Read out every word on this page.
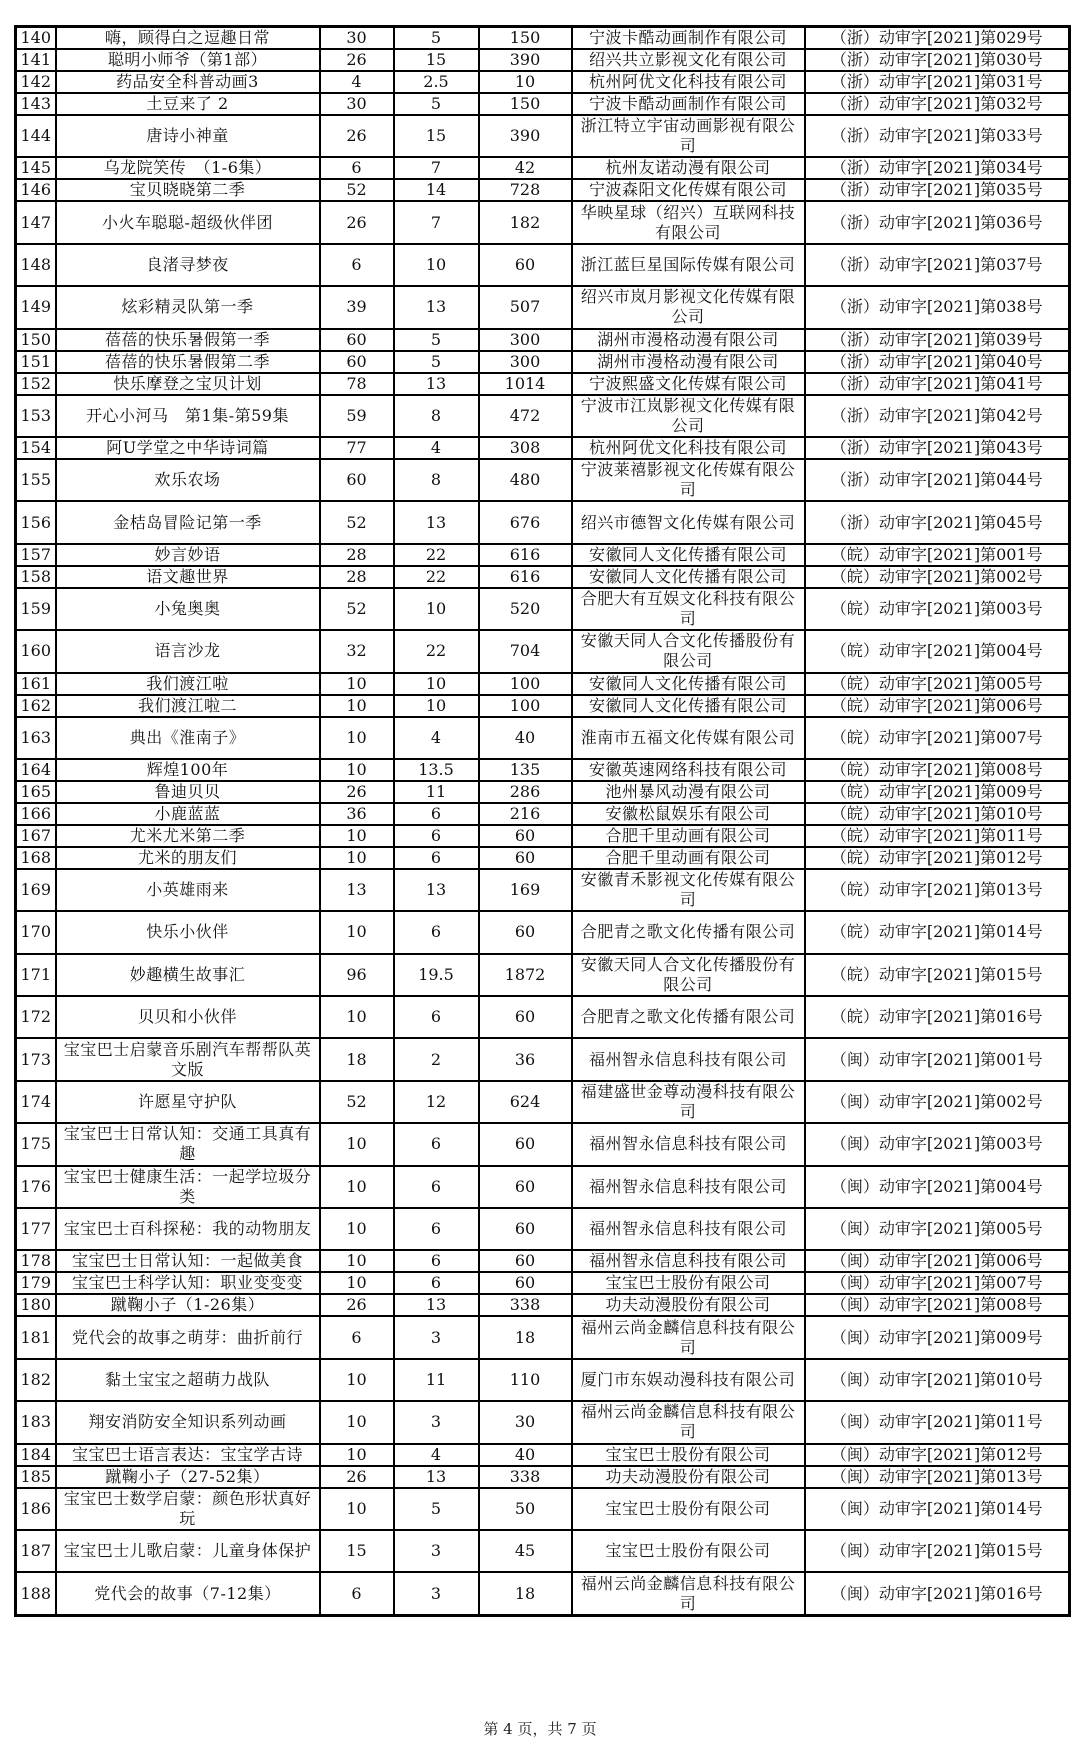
140	嗨，顾得白之逗趣日常	30	5	150	宁波卡酷动画制作有限公司	（浙）动审字[2021]第029号
141	聪明小师爷（第1部）	26	15	390	绍兴共立影视文化有限公司	（浙）动审字[2021]第030号
142	药品安全科普动画3	4	2.5	10	杭州阿优文化科技有限公司	（浙）动审字[2021]第031号
143	土豆来了 2	30	5	150	宁波卡酷动画制作有限公司	（浙）动审字[2021]第032号
144	唐诗小神童	26	15	390	浙江特立宇宙动画影视有限公司	（浙）动审字[2021]第033号
145	乌龙院笑传　（1-6集）	6	7	42	杭州友诺动漫有限公司	（浙）动审字[2021]第034号
146	宝贝晓晓第二季	52	14	728	宁波森阳文化传媒有限公司	（浙）动审字[2021]第035号
147	小火车聪聪-超级伙伴团	26	7	182	华映星球（绍兴）互联网科技有限公司	（浙）动审字[2021]第036号
148	良渚寻梦夜	6	10	60	浙江蓝巨星国际传媒有限公司	（浙）动审字[2021]第037号
149	炫彩精灵队第一季	39	13	507	绍兴市岚月影视文化传媒有限公司	（浙）动审字[2021]第038号
150	蓓蓓的快乐暑假第一季	60	5	300	湖州市漫格动漫有限公司	（浙）动审字[2021]第039号
151	蓓蓓的快乐暑假第二季	60	5	300	湖州市漫格动漫有限公司	（浙）动审字[2021]第040号
152	快乐摩登之宝贝计划	78	13	1014	宁波熙盛文化传媒有限公司	（浙）动审字[2021]第041号
153	开心小河马　第1集-第59集	59	8	472	宁波市江岚影视文化传媒有限公司	（浙）动审字[2021]第042号
154	阿U学堂之中华诗词篇	77	4	308	杭州阿优文化科技有限公司	（浙）动审字[2021]第043号
155	欢乐农场	60	8	480	宁波莱禧影视文化传媒有限公司	（浙）动审字[2021]第044号
156	金桔岛冒险记第一季	52	13	676	绍兴市德智文化传媒有限公司	（浙）动审字[2021]第045号
157	妙言妙语	28	22	616	安徽同人文化传播有限公司	（皖）动审字[2021]第001号
158	语文趣世界	28	22	616	安徽同人文化传播有限公司	（皖）动审字[2021]第002号
159	小兔奥奥	52	10	520	合肥大有互娱文化科技有限公司	（皖）动审字[2021]第003号
160	语言沙龙	32	22	704	安徽天同人合文化传播股份有限公司	（皖）动审字[2021]第004号
161	我们渡江啦	10	10	100	安徽同人文化传播有限公司	（皖）动审字[2021]第005号
162	我们渡江啦二	10	10	100	安徽同人文化传播有限公司	（皖）动审字[2021]第006号
163	典出《淮南子》	10	4	40	淮南市五福文化传媒有限公司	（皖）动审字[2021]第007号
164	辉煌100年	10	13.5	135	安徽英速网络科技有限公司	（皖）动审字[2021]第008号
165	鲁迪贝贝	26	11	286	池州暴风动漫有限公司	（皖）动审字[2021]第009号
166	小鹿蓝蓝	36	6	216	安徽松鼠娱乐有限公司	（皖）动审字[2021]第010号
167	尤米尤米第二季	10	6	60	合肥千里动画有限公司	（皖）动审字[2021]第011号
168	尤米的朋友们	10	6	60	合肥千里动画有限公司	（皖）动审字[2021]第012号
169	小英雄雨来	13	13	169	安徽青禾影视文化传媒有限公司	（皖）动审字[2021]第013号
170	快乐小伙伴	10	6	60	合肥青之歌文化传播有限公司	（皖）动审字[2021]第014号
171	妙趣横生故事汇	96	19.5	1872	安徽天同人合文化传播股份有限公司	（皖）动审字[2021]第015号
172	贝贝和小伙伴	10	6	60	合肥青之歌文化传播有限公司	（皖）动审字[2021]第016号
173	宝宝巴士启蒙音乐剧汽车帮帮队英文版	18	2	36	福州智永信息科技有限公司	（闽）动审字[2021]第001号
174	许愿星守护队	52	12	624	福建盛世金尊动漫科技有限公司	（闽）动审字[2021]第002号
175	宝宝巴士日常认知：交通工具真有趣	10	6	60	福州智永信息科技有限公司	（闽）动审字[2021]第003号
176	宝宝巴士健康生活：一起学垃圾分类	10	6	60	福州智永信息科技有限公司	（闽）动审字[2021]第004号
177	宝宝巴士百科探秘：我的动物朋友	10	6	60	福州智永信息科技有限公司	（闽）动审字[2021]第005号
178	宝宝巴士日常认知：一起做美食	10	6	60	福州智永信息科技有限公司	（闽）动审字[2021]第006号
179	宝宝巴士科学认知：职业变变变	10	6	60	宝宝巴士股份有限公司	（闽）动审字[2021]第007号
180	蹴鞠小子（1-26集）	26	13	338	功夫动漫股份有限公司	（闽）动审字[2021]第008号
181	党代会的故事之萌芽：曲折前行	6	3	18	福州云尚金麟信息科技有限公司	（闽）动审字[2021]第009号
182	黏土宝宝之超萌力战队	10	11	110	厦门市东娱动漫科技有限公司	（闽）动审字[2021]第010号
183	翔安消防安全知识系列动画	10	3	30	福州云尚金麟信息科技有限公司	（闽）动审字[2021]第011号
184	宝宝巴士语言表达：宝宝学古诗	10	4	40	宝宝巴士股份有限公司	（闽）动审字[2021]第012号
185	蹴鞠小子（27-52集）	26	13	338	功夫动漫股份有限公司	（闽）动审字[2021]第013号
186	宝宝巴士数学启蒙：颜色形状真好玩	10	5	50	宝宝巴士股份有限公司	（闽）动审字[2021]第014号
187	宝宝巴士儿歌启蒙：儿童身体保护	15	3	45	宝宝巴士股份有限公司	（闽）动审字[2021]第015号
188	党代会的故事（7-12集）	6	3	18	福州云尚金麟信息科技有限公司	（闽）动审字[2021]第016号
第 4 页，共 7 页
